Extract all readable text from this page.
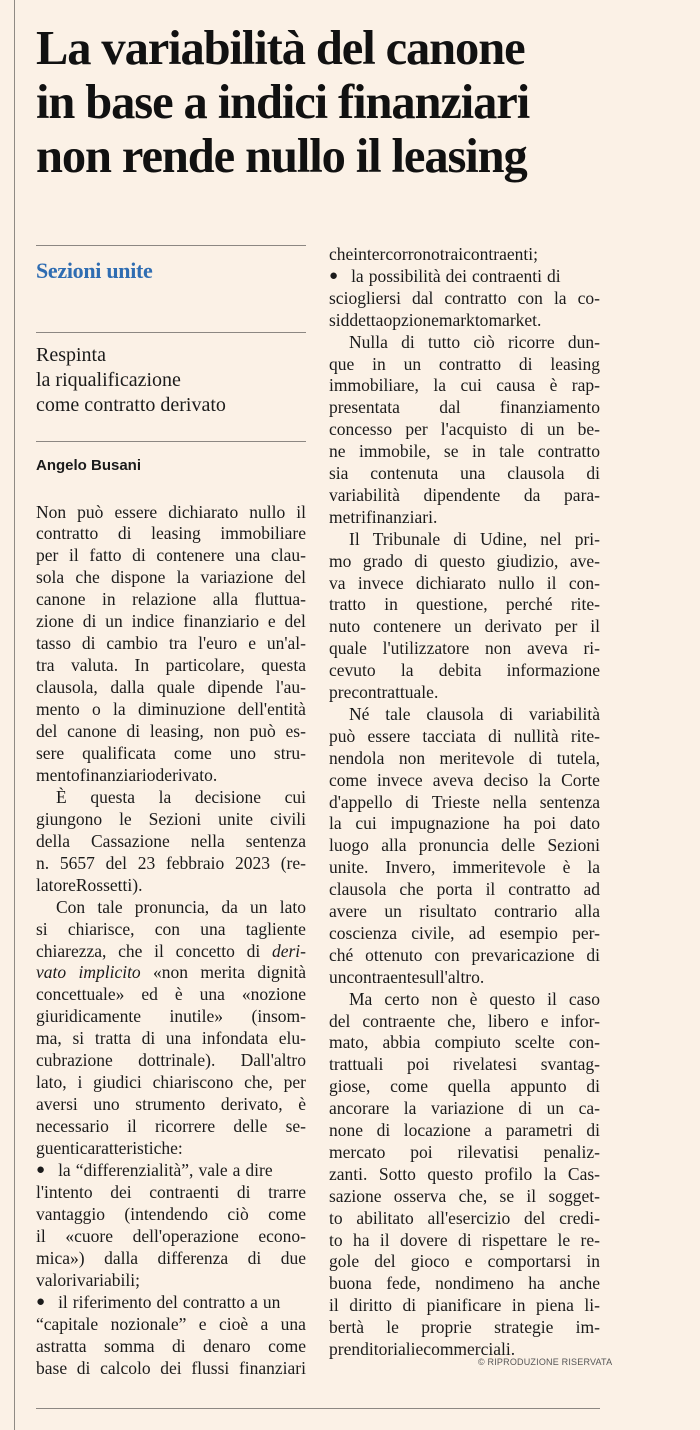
La variabilità del canone
in base a indici finanziari
non rende nullo il leasing
Sezioni unite

Respinta
la riqualificazione
come contratto derivato

Angelo Busani

Non può essere dichiarato nullo il
contratto di leasing immobiliare
per il fatto di contenere una clau-
sola che dispone la variazione del
canone in relazione alla fluttua-
zione di un indice finanziario e del
tasso di cambio tra l'euro e un'al-
tra valuta. In particolare, questa
clausola, dalla quale dipende l'au-
mento o la diminuzione dell'entità
del canone di leasing, non può es-
sere qualificata come uno stru-
mento finanziario derivato.
È questa la decisione cui
giungono le Sezioni unite civili
della Cassazione nella sentenza
n. 5657 del 23 febbraio 2023 (re-
latore Rossetti).
Con tale pronuncia, da un lato
si chiarisce, con una tagliente
chiarezza, che il concetto di deri-
vato implicito «non merita dignità
concettuale» ed è una «nozione
giuridicamente inutile» (insom-
ma, si tratta di una infondata elu-
cubrazione dottrinale). Dall'altro
lato, i giudici chiariscono che, per
aversi uno strumento derivato, è
necessario il ricorrere delle se-
guenti caratteristiche:
● la “differenzialità”, vale a dire
l'intento dei contraenti di trarre
vantaggio (intendendo ciò come
il «cuore dell'operazione econo-
mica») dalla differenza di due
valori variabili;
● il riferimento del contratto a un
“capitale nozionale” e cioè a una
astratta somma di denaro come
base di calcolo dei flussi finanziari
che intercorrono tra i contraenti;
● la possibilità dei contraenti di
sciogliersi dal contratto con la co-
siddetta opzione mark to market.
Nulla di tutto ciò ricorre dun-
que in un contratto di leasing
immobiliare, la cui causa è rap-
presentata dal finanziamento
concesso per l'acquisto di un be-
ne immobile, se in tale contratto
sia contenuta una clausola di
variabilità dipendente da para-
metri finanziari.
Il Tribunale di Udine, nel pri-
mo grado di questo giudizio, ave-
va invece dichiarato nullo il con-
tratto in questione, perché rite-
nuto contenere un derivato per il
quale l'utilizzatore non aveva ri-
cevuto la debita informazione
precontrattuale.
Né tale clausola di variabilità
può essere tacciata di nullità rite-
nendola non meritevole di tutela,
come invece aveva deciso la Corte
d'appello di Trieste nella sentenza
la cui impugnazione ha poi dato
luogo alla pronuncia delle Sezioni
unite. Invero, immeritevole è la
clausola che porta il contratto ad
avere un risultato contrario alla
coscienza civile, ad esempio per-
ché ottenuto con prevaricazione di
un contraente sull'altro.
Ma certo non è questo il caso
del contraente che, libero e infor-
mato, abbia compiuto scelte con-
trattuali poi rivelatesi svantag-
giose, come quella appunto di
ancorare la variazione di un ca-
none di locazione a parametri di
mercato poi rilevatisi penaliz-
zanti. Sotto questo profilo la Cas-
sazione osserva che, se il sogget-
to abilitato all'esercizio del credi-
to ha il dovere di rispettare le re-
gole del gioco e comportarsi in
buona fede, nondimeno ha anche
il diritto di pianificare in piena li-
bertà le proprie strategie im-
prenditoriali e commerciali.

© RIPRODUZIONE RISERVATA
